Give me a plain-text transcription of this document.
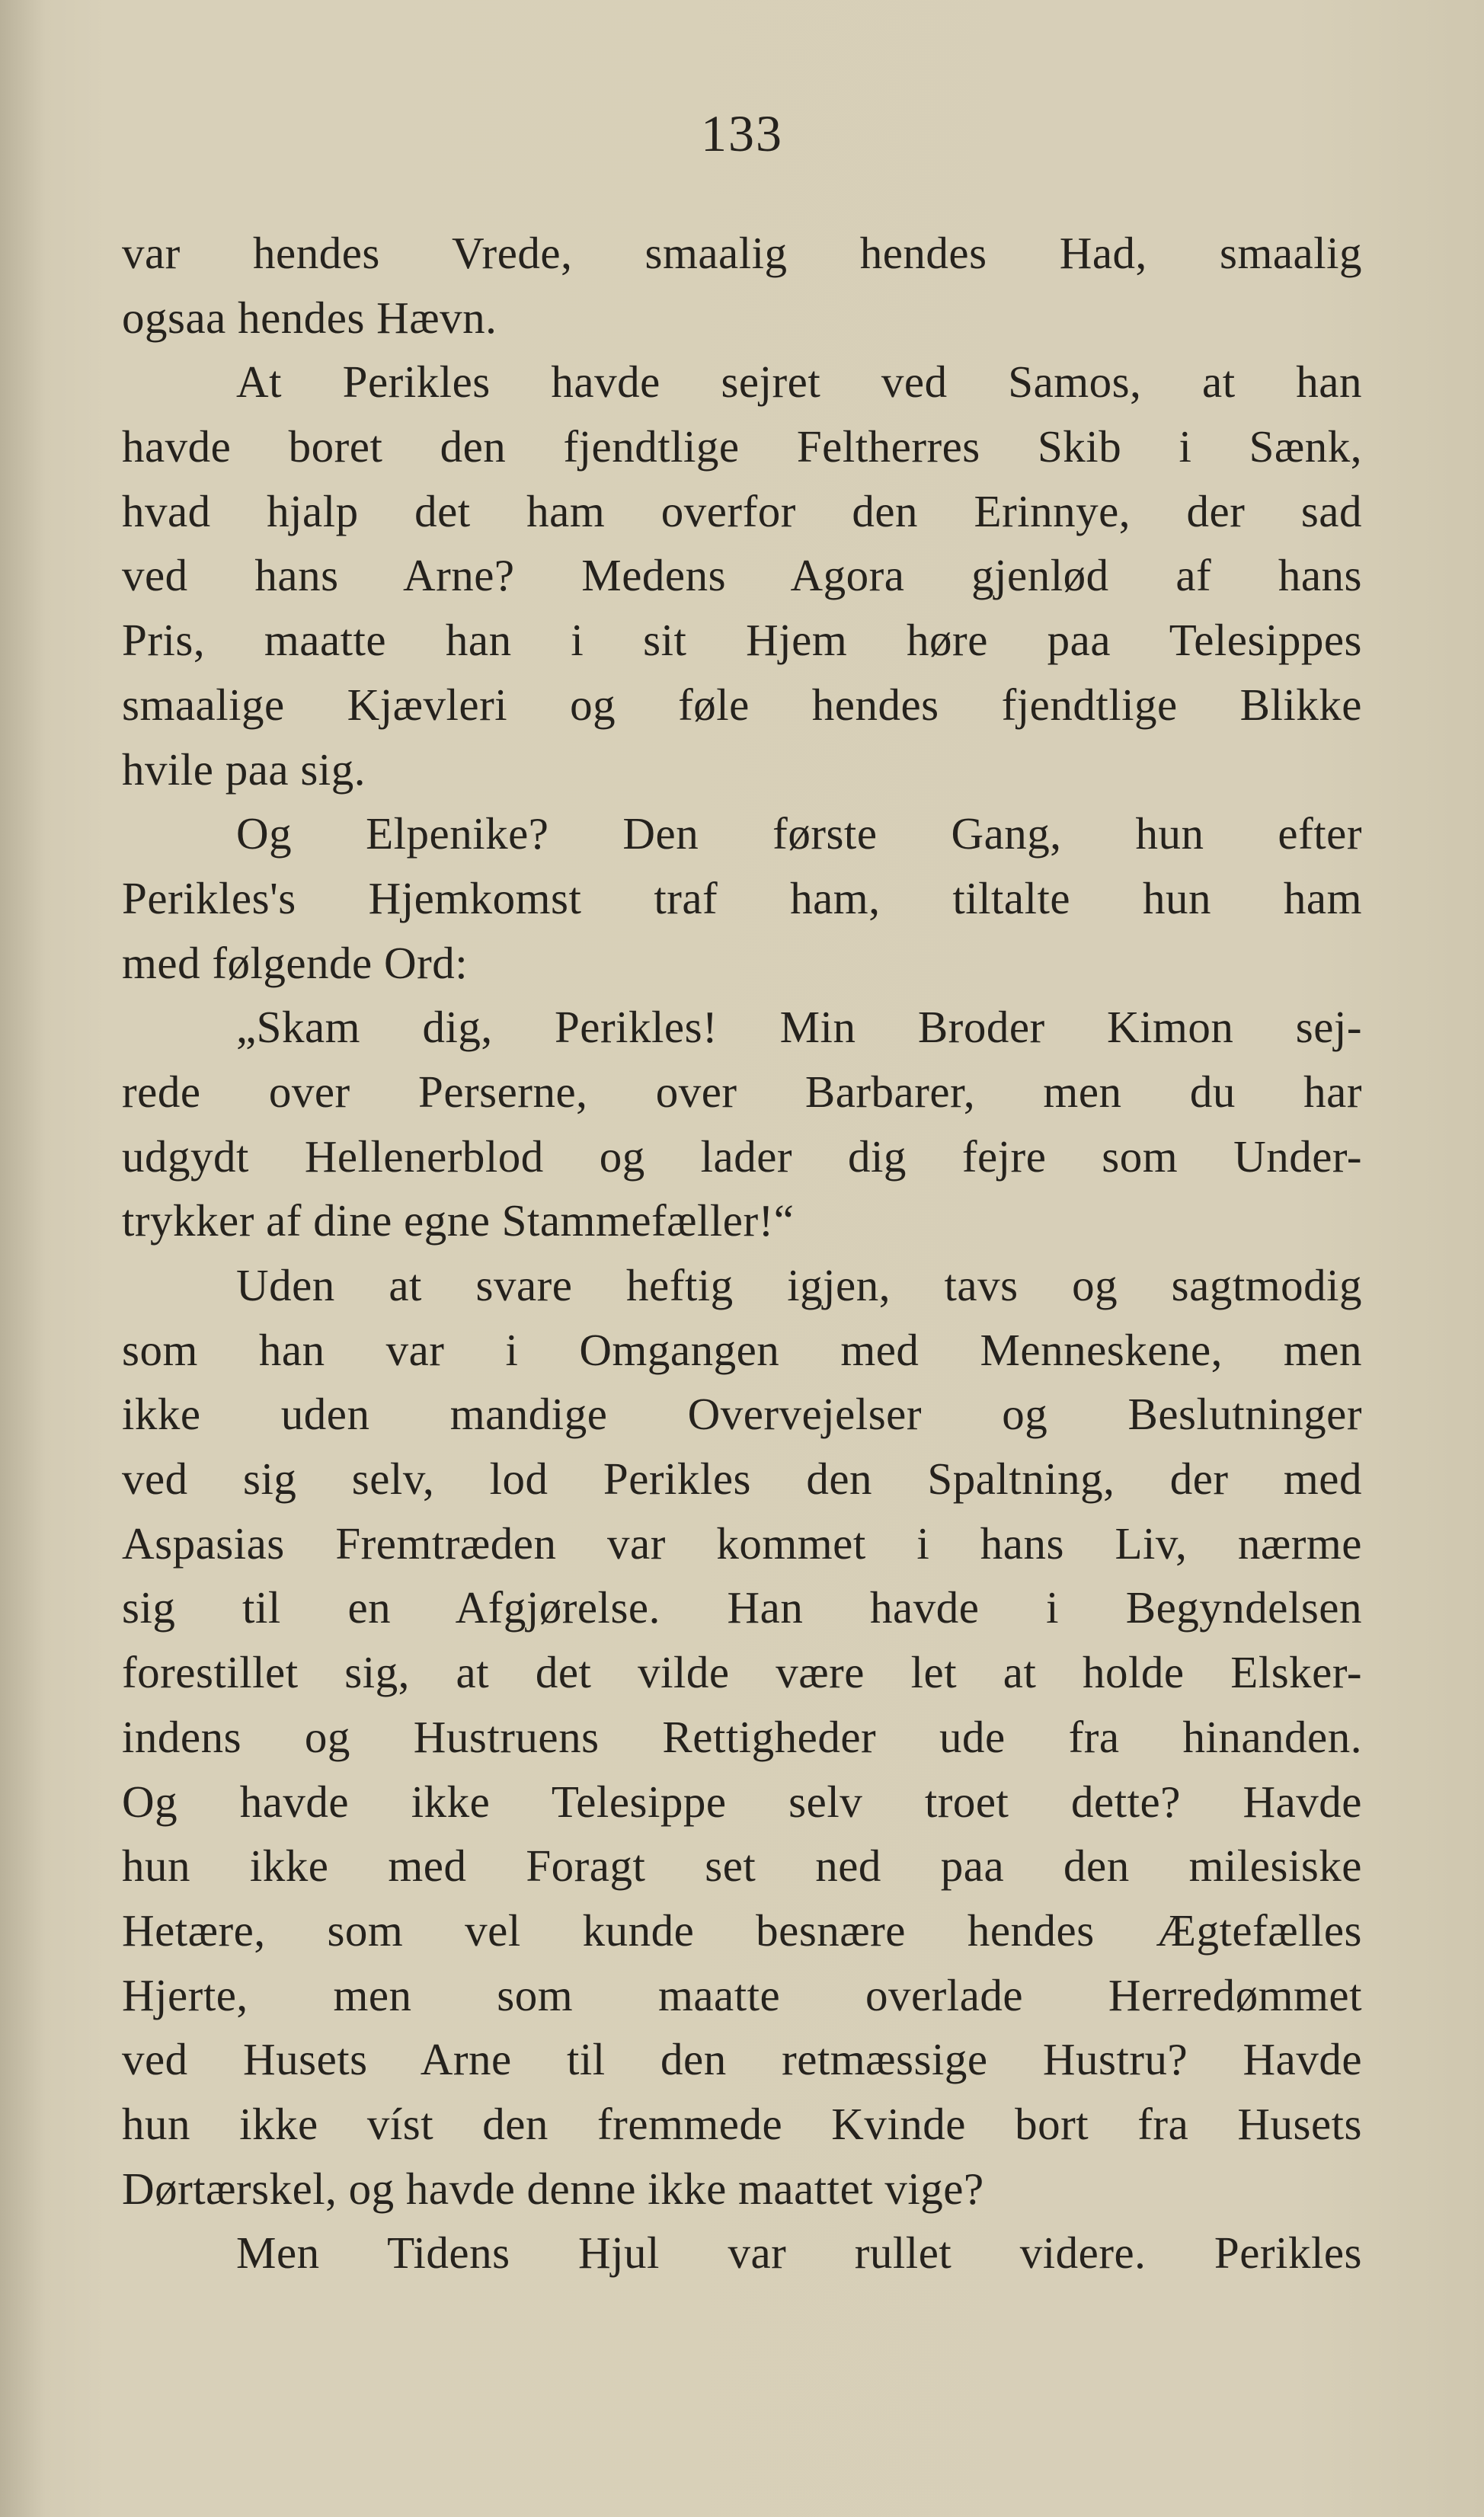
133
var hendes Vrede, smaalig hendes Had, smaalig
ogsaa hendes Hævn.
At Perikles havde sejret ved Samos, at han
havde boret den fjendtlige Feltherres Skib i Sænk,
hvad hjalp det ham overfor den Erinnye, der sad
ved hans Arne? Medens Agora gjenlød af hans
Pris, maatte han i sit Hjem høre paa Telesippes
smaalige Kjævleri og føle hendes fjendtlige Blikke
hvile paa sig.
Og Elpenike? Den første Gang, hun efter
Perikles's Hjemkomst traf ham, tiltalte hun ham
med følgende Ord:
„Skam dig, Perikles! Min Broder Kimon sej-
rede over Perserne, over Barbarer, men du har
udgydt Hellenerblod og lader dig fejre som Under-
trykker af dine egne Stammefæller!“
Uden at svare heftig igjen, tavs og sagtmodig
som han var i Omgangen med Menneskene, men
ikke uden mandige Overvejelser og Beslutninger
ved sig selv, lod Perikles den Spaltning, der med
Aspasias Fremtræden var kommet i hans Liv, nærme
sig til en Afgjørelse. Han havde i Begyndelsen
forestillet sig, at det vilde være let at holde Elsker-
indens og Hustruens Rettigheder ude fra hinanden.
Og havde ikke Telesippe selv troet dette? Havde
hun ikke med Foragt set ned paa den milesiske
Hetære, som vel kunde besnære hendes Ægtefælles
Hjerte, men som maatte overlade Herredømmet
ved Husets Arne til den retmæssige Hustru? Havde
hun ikke víst den fremmede Kvinde bort fra Husets
Dørtærskel, og havde denne ikke maattet vige?
Men Tidens Hjul var rullet videre. Perikles
